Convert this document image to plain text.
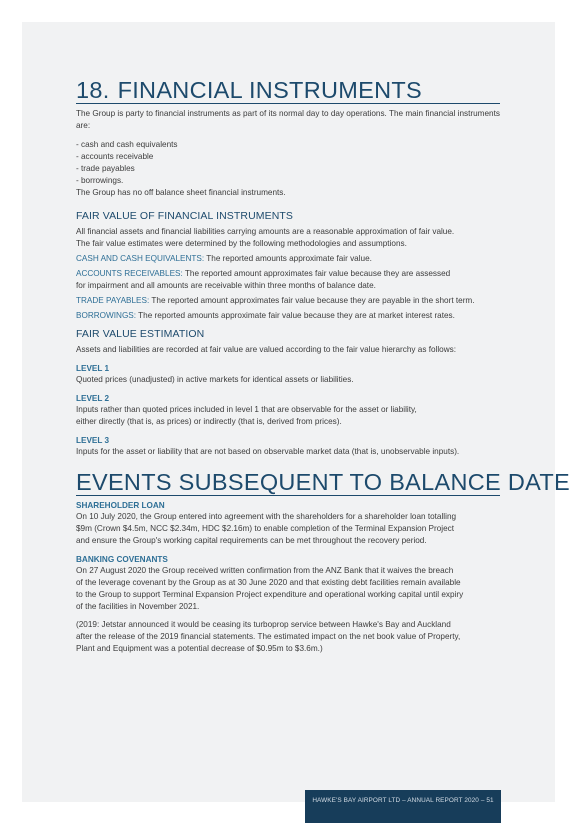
18. FINANCIAL INSTRUMENTS

The Group is party to financial instruments as part of its normal day to day operations. The main financial instruments are:

- cash and cash equivalents

- accounts receivable

- trade payables

- borrowings.

The Group has no off balance sheet financial instruments.

FAIR VALUE OF FINANCIAL INSTRUMENTS

All financial assets and financial liabilities carrying amounts are a reasonable approximation of fair value.
The fair value estimates were determined by the following methodologies and assumptions.

CASH AND CASH EQUIVALENTS: The reported amounts approximate fair value.

ACCOUNTS RECEIVABLES: The reported amount approximates fair value because they are assessed
for impairment and all amounts are receivable within three months of balance date.

TRADE PAYABLES: The reported amount approximates fair value because they are payable in the short term.

BORROWINGS: The reported amounts approximate fair value because they are at market interest rates.

FAIR VALUE ESTIMATION

Assets and liabilities are recorded at fair value are valued according to the fair value hierarchy as follows:

LEVEL 1

Quoted prices (unadjusted) in active markets for identical assets or liabilities.

LEVEL 2

Inputs rather than quoted prices included in level 1 that are observable for the asset or liability,
either directly (that is, as prices) or indirectly (that is, derived from prices).

LEVEL 3

Inputs for the asset or liability that are not based on observable market data (that is, unobservable inputs).

EVENTS SUBSEQUENT TO BALANCE DATE
SHAREHOLDER LOAN

On 10 July 2020, the Group entered into agreement with the shareholders for a shareholder loan totalling
$9m (Crown $4.5m, NCC $2.34m, HDC $2.16m) to enable completion of the Terminal Expansion Project
and ensure the Group's working capital requirements can be met throughout the recovery period.

BANKING COVENANTS

On 27 August 2020 the Group received written confirmation from the ANZ Bank that it waives the breach
of the leverage covenant by the Group as at 30 June 2020 and that existing debt facilities remain available
to the Group to support Terminal Expansion Project expenditure and operational working capital until expiry
of the facilities in November 2021.

(2019: Jetstar announced it would be ceasing its turboprop service between Hawke's Bay and Auckland
after the release of the 2019 financial statements. The estimated impact on the net book value of Property,
Plant and Equipment was a potential decrease of $0.95m to $3.6m.)

HAWKE'S BAY AIRPORT LTD – ANNUAL REPORT 2020 – 51
